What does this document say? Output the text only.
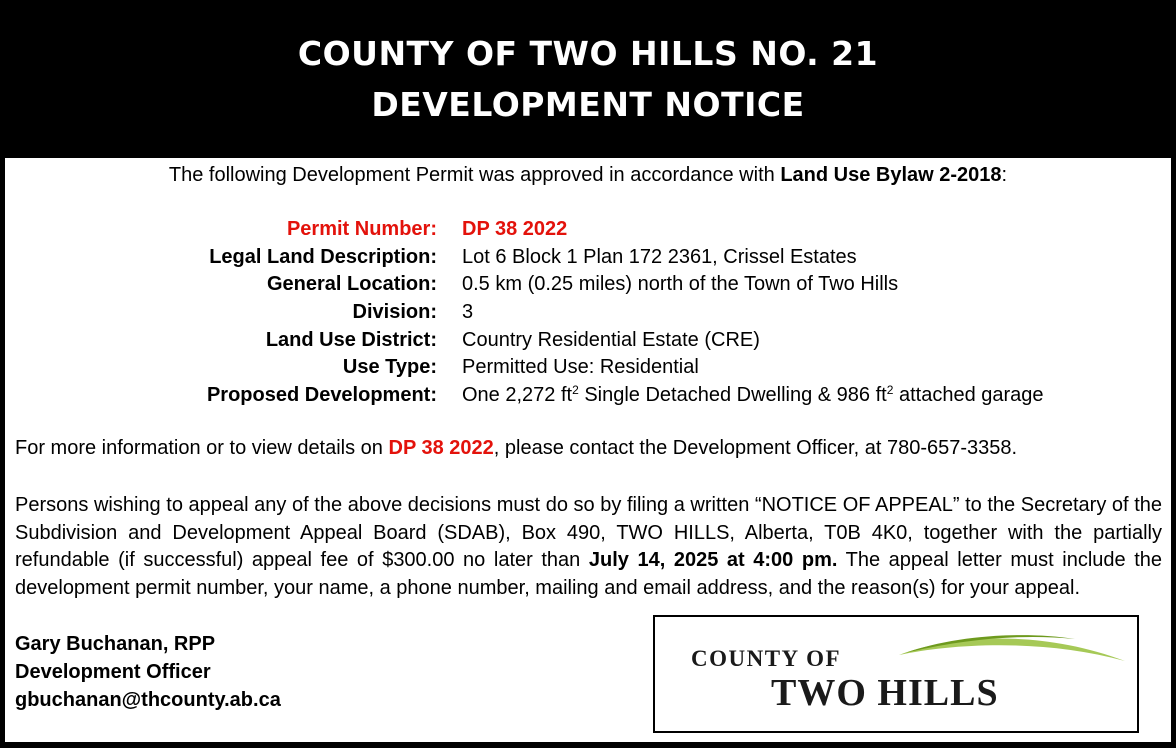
COUNTY OF TWO HILLS NO. 21
DEVELOPMENT NOTICE
The following Development Permit was approved in accordance with Land Use Bylaw 2-2018:
Permit Number: DP 38 2022
Legal Land Description: Lot 6 Block 1 Plan 172 2361, Crissel Estates
General Location: 0.5 km (0.25 miles) north of the Town of Two Hills
Division: 3
Land Use District: Country Residential Estate (CRE)
Use Type: Permitted Use: Residential
Proposed Development: One 2,272 $ft^2$ Single Detached Dwelling & 986 $ft^2$ attached garage
For more information or to view details on DP 38 2022, please contact the Development Officer, at 780-657-3358.
Persons wishing to appeal any of the above decisions must do so by filing a written “NOTICE OF APPEAL” to the Secretary of the Subdivision and Development Appeal Board (SDAB), Box 490, TWO HILLS, Alberta, T0B 4K0, together with the partially refundable (if successful) appeal fee of $300.00 no later than July 14, 2025 at 4:00 pm. The appeal letter must include the development permit number, your name, a phone number, mailing and email address, and the reason(s) for your appeal.
Gary Buchanan, RPP
Development Officer
gbuchanan@thcounty.ab.ca
COUNTY OF
TWO HILLS
